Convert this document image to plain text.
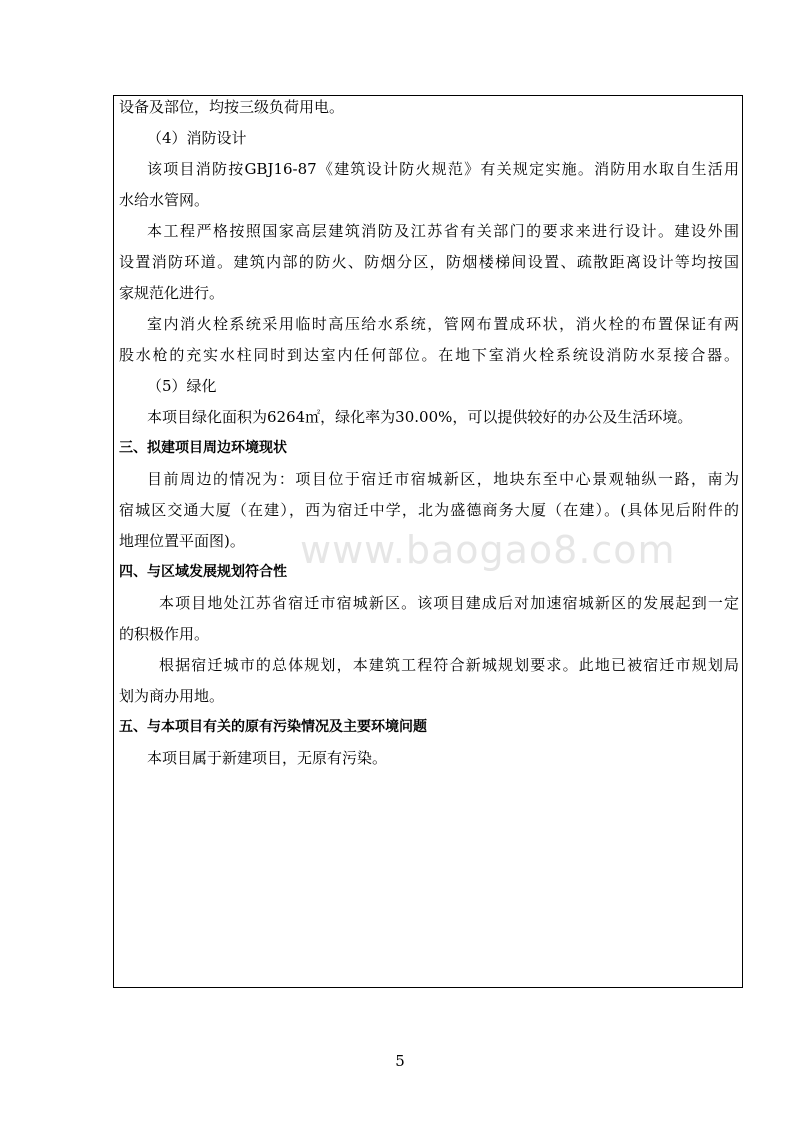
设备及部位，均按三级负荷用电。
（4）消防设计
该项目消防按GBJ16-87《建筑设计防火规范》有关规定实施。消防用水取自生活用
水给水管网。
本工程严格按照国家高层建筑消防及江苏省有关部门的要求来进行设计。建设外围
设置消防环道。建筑内部的防火、防烟分区，防烟楼梯间设置、疏散距离设计等均按国
家规范化进行。
室内消火栓系统采用临时高压给水系统，管网布置成环状，消火栓的布置保证有两
股水枪的充实水柱同时到达室内任何部位。在地下室消火栓系统设消防水泵接合器。
（5）绿化
本项目绿化面积为6264㎡，绿化率为30.00%，可以提供较好的办公及生活环境。
三、拟建项目周边环境现状
目前周边的情况为：项目位于宿迁市宿城新区，地块东至中心景观轴纵一路，南为
宿城区交通大厦（在建），西为宿迁中学，北为盛德商务大厦（在建）。(具体见后附件的
地理位置平面图)。
四、与区域发展规划符合性
本项目地处江苏省宿迁市宿城新区。该项目建成后对加速宿城新区的发展起到一定
的积极作用。
根据宿迁城市的总体规划，本建筑工程符合新城规划要求。此地已被宿迁市规划局
划为商办用地。
五、与本项目有关的原有污染情况及主要环境问题
本项目属于新建项目，无原有污染。
www.baogao8.com
5
